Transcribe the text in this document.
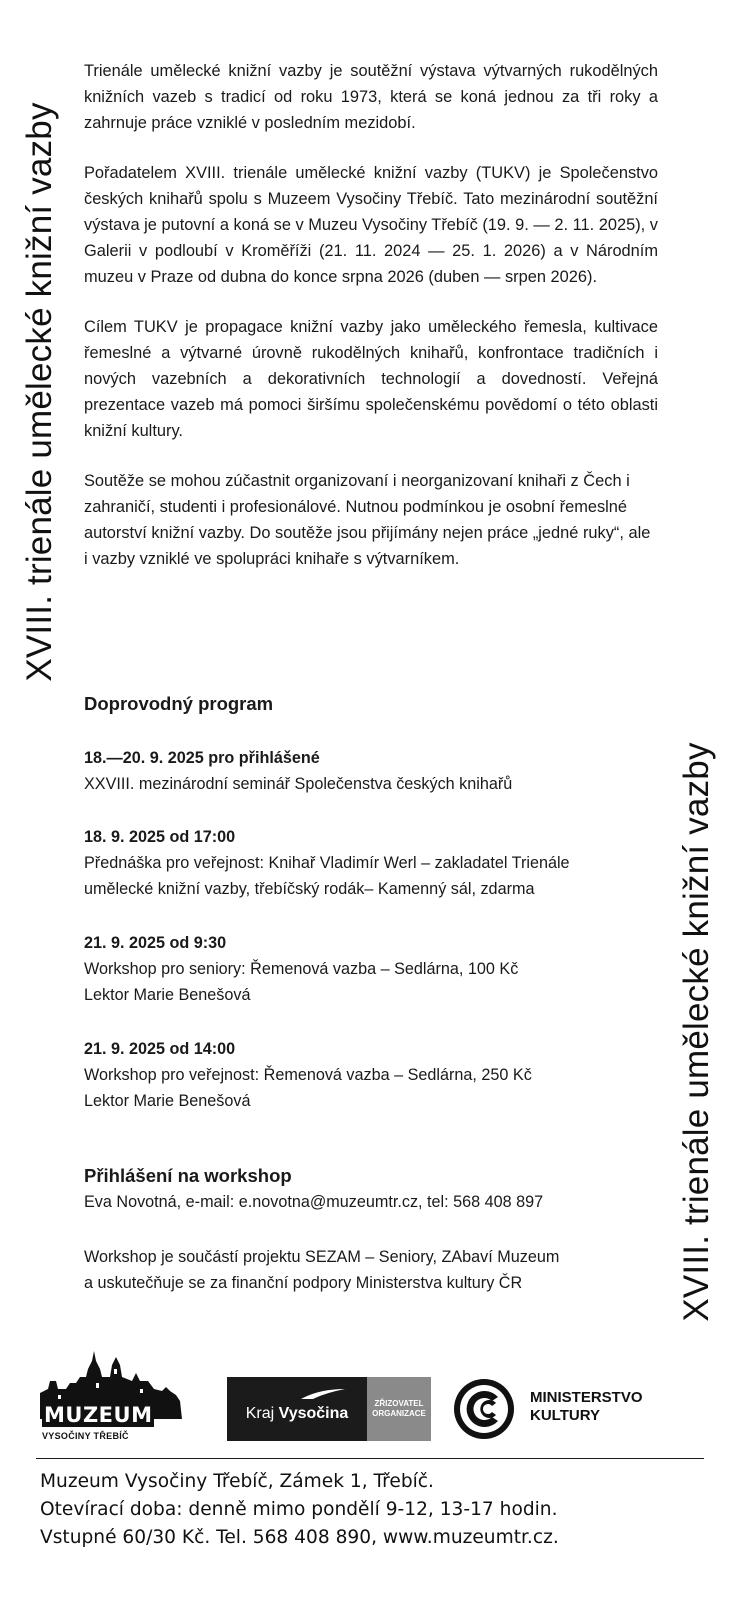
XVIII. trienále umělecké knižní vazby
XVIII. trienále umělecké knižní vazby

Trienále umělecké knižní vazby je soutěžní výstava výtvarných rukodělných knižních vazeb s tradicí od roku 1973, která se koná jednou za tři roky a zahrnuje práce vzniklé v posledním mezidobí.

Pořadatelem XVIII. trienále umělecké knižní vazby (TUKV) je Společenstvo českých knihařů spolu s Muzeem Vysočiny Třebíč. Tato mezinárodní soutěžní výstava je putovní a koná se v Muzeu Vysočiny Třebíč (19. 9. — 2. 11. 2025), v Galerii v podloubí v Kroměříži (21. 11. 2024 — 25. 1. 2026) a v Národním muzeu v Praze od dubna do konce srpna 2026 (duben — srpen 2026).

Cílem TUKV je propagace knižní vazby jako uměleckého řemesla, kultivace řemeslné a výtvarné úrovně rukodělných knihařů, konfrontace tradičních i nových vazebních a dekorativních technologií a dovedností. Veřejná prezentace vazeb má pomoci širšímu společenskému povědomí o této oblasti knižní kultury.

Soutěže se mohou zúčastnit organizovaní i neorganizovaní knihaři z Čech i zahraničí, studenti i profesionálové. Nutnou podmínkou je osobní řemeslné autorství knižní vazby. Do soutěže jsou přijímány nejen práce „jedné ruky“, ale i vazby vzniklé ve spolupráci knihaře s výtvarníkem.

Doprovodný program
18.—20. 9. 2025 pro přihlášené
XXVIII. mezinárodní seminář Společenstva českých knihařů
18. 9. 2025 od 17:00
Přednáška pro veřejnost: Knihař Vladimír Werl – zakladatel Trienále
umělecké knižní vazby, třebíčský rodák– Kamenný sál, zdarma
21. 9. 2025 od 9:30
Workshop pro seniory: Řemenová vazba – Sedlárna, 100 Kč
Lektor Marie Benešová
21. 9. 2025 od 14:00
Workshop pro veřejnost: Řemenová vazba – Sedlárna, 250 Kč
Lektor Marie Benešová
Přihlášení na workshop
Eva Novotná, e-mail: e.novotna@muzeumtr.cz, tel: 568 408 897
Workshop je součástí projektu SEZAM – Seniory, ZAbaví Muzeum
a uskutečňuje se za finanční podpory Ministerstva kultury ČR
MUZEUM
VYSOČINY TŘEBÍČ
Kraj Vysočina
ZŘIZOVATEL
ORGANIZACE
MINISTERSTVO
KULTURY
Muzeum Vysočiny Třebíč, Zámek 1, Třebíč.
Otevírací doba: denně mimo pondělí 9-12, 13-17 hodin.
Vstupné 60/30 Kč. Tel. 568 408 890, www.muzeumtr.cz.
